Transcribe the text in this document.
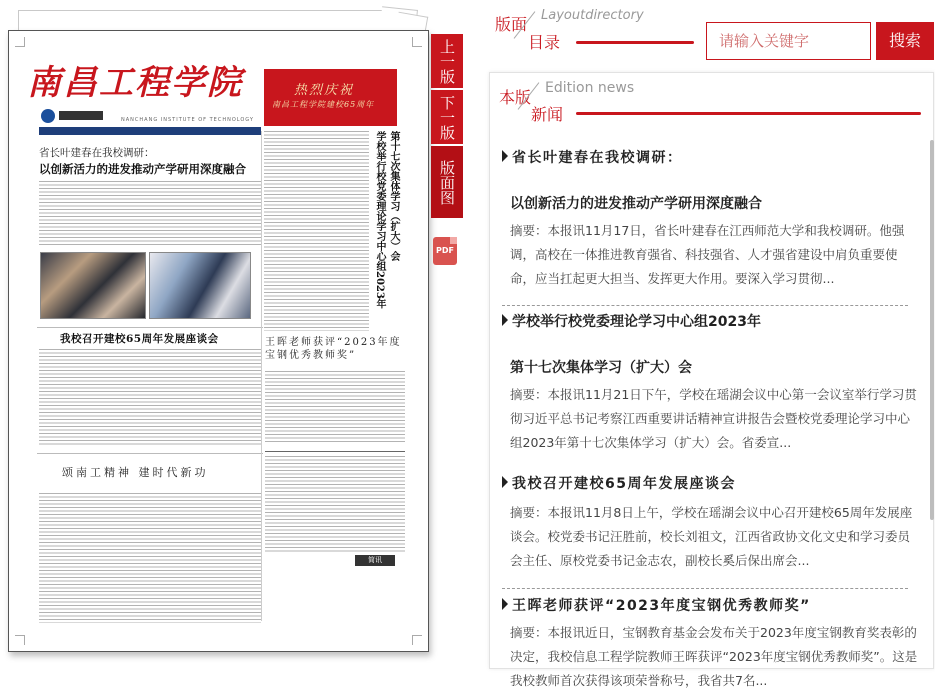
南昌工程学院
NANCHANG INSTITUTE OF TECHNOLOGY
热烈庆祝
南昌工程学院建校65周年
省长叶建春在我校调研：
以创新活力的进发推动产学研用深度融合	学校举行校党委理论学习中心组2023年 第十七次集体学习（扩大）会
我校召开建校65周年发展座谈会	王晖老师获评“2023年度宝钢优秀教师奖”
颂南工精神 建时代新功
简讯
上一版
下一版
版面图
PDF
版面
目录
Layoutdirectory
请输入关键字
搜索
本版
新闻
Edition news
省长叶建春在我校调研：
以创新活力的进发推动产学研用深度融合
摘要：本报讯11月17日，省长叶建春在江西师范大学和我校调研。他强调，高校在一体推进教育强省、科技强省、人才强省建设中肩负重要使命，应当扛起更大担当、发挥更大作用。要深入学习贯彻...
学校举行校党委理论学习中心组2023年
第十七次集体学习（扩大）会
摘要：本报讯11月21日下午，学校在瑶湖会议中心第一会议室举行学习贯彻习近平总书记考察江西重要讲话精神宣讲报告会暨校党委理论学习中心组2023年第十七次集体学习（扩大）会。省委宣...
我校召开建校65周年发展座谈会
摘要：本报讯11月8日上午，学校在瑶湖会议中心召开建校65周年发展座谈会。校党委书记汪胜前，校长刘祖文，江西省政协文化文史和学习委员会主任、原校党委书记金志农，副校长奚后保出席会...
王晖老师获评“2023年度宝钢优秀教师奖”
摘要：本报讯近日，宝钢教育基金会发布关于2023年度宝钢教育奖表彰的决定，我校信息工程学院教师王晖获评“2023年度宝钢优秀教师奖”。这是我校教师首次获得该项荣誉称号，我省共7名...
